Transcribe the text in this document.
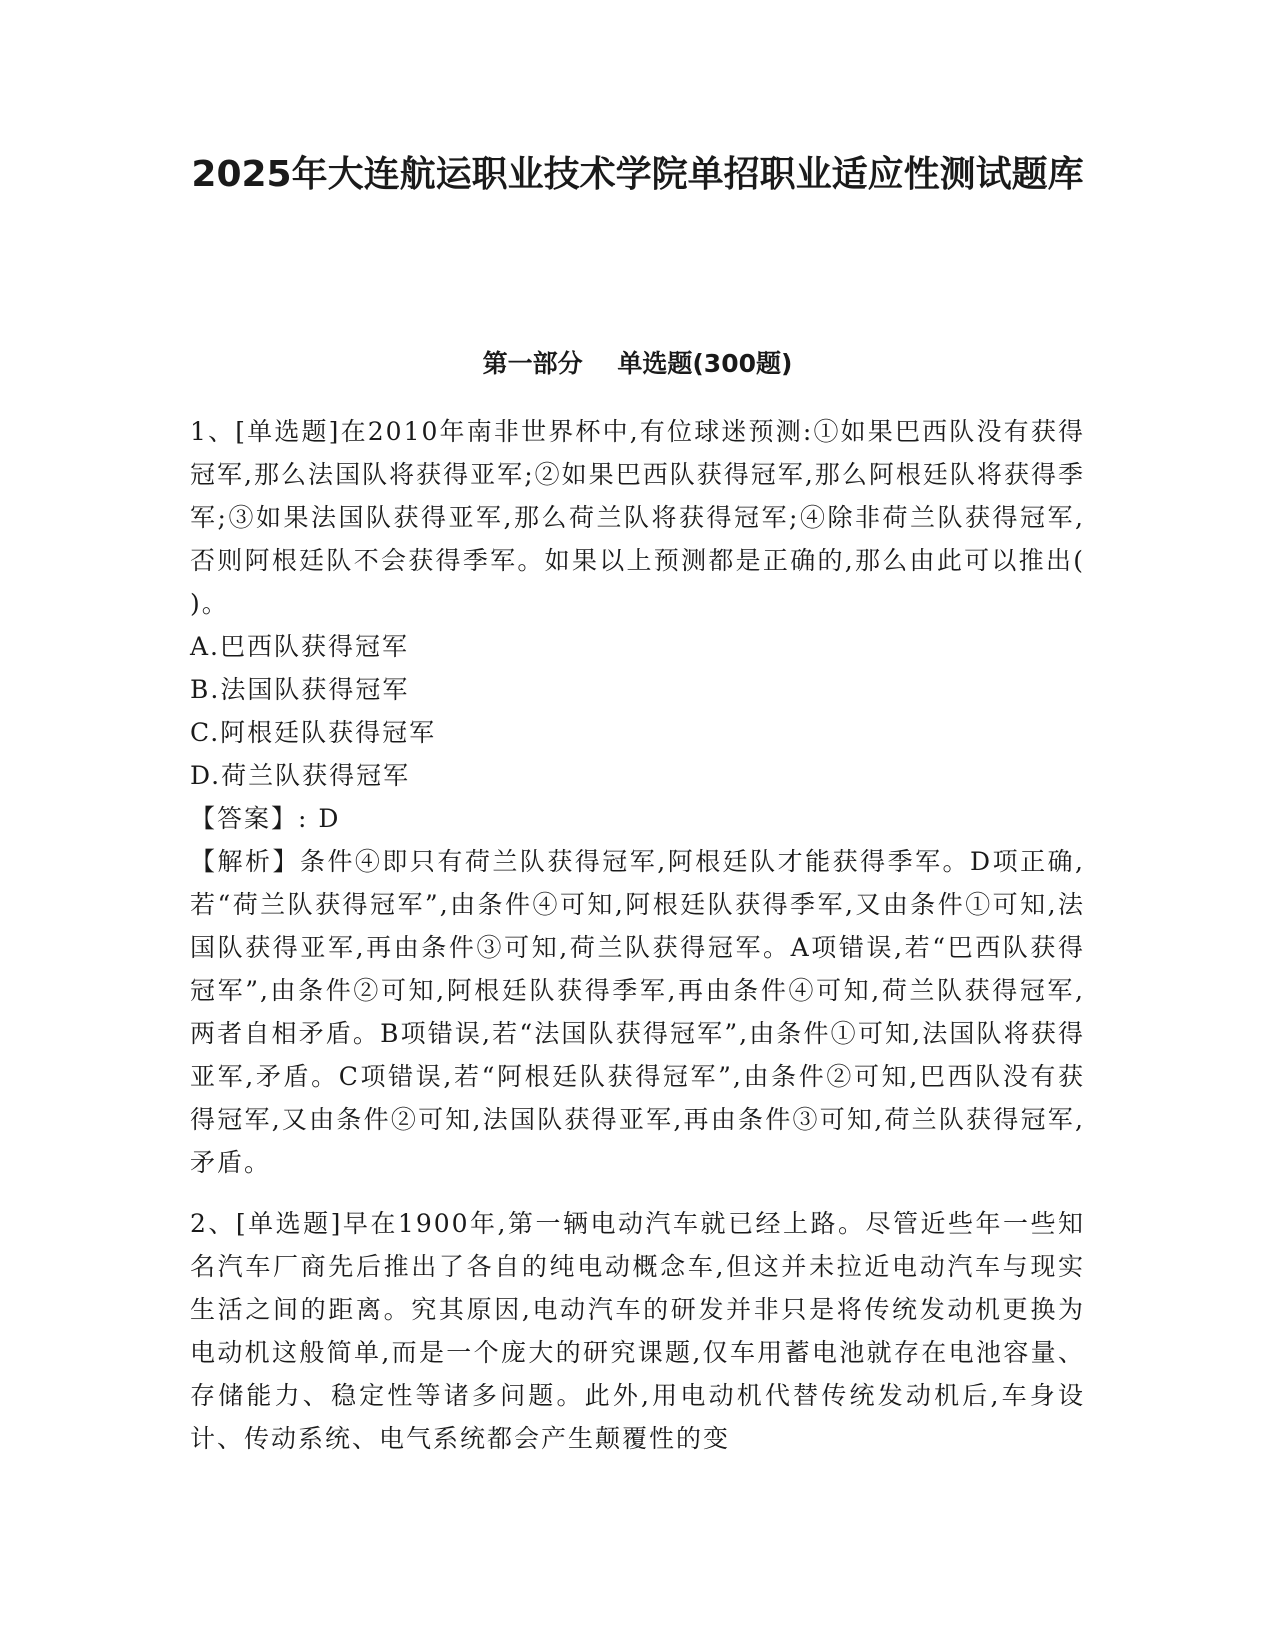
2025年大连航运职业技术学院单招职业适应性测试题库
第一部分    单选题(300题)

1、[单选题]在2010年南非世界杯中,有位球迷预测:①如果巴西队没有获得冠军,那么法国队将获得亚军;②如果巴西队获得冠军,那么阿根廷队将获得季军;③如果法国队获得亚军,那么荷兰队将获得冠军;④除非荷兰队获得冠军,否则阿根廷队不会获得季军。如果以上预测都是正确的,那么由此可以推出( )。

A.巴西队获得冠军

B.法国队获得冠军

C.阿根廷队获得冠军

D.荷兰队获得冠军

【答案】: D

【解析】条件④即只有荷兰队获得冠军,阿根廷队才能获得季军。D项正确,若“荷兰队获得冠军”,由条件④可知,阿根廷队获得季军,又由条件①可知,法国队获得亚军,再由条件③可知,荷兰队获得冠军。A项错误,若“巴西队获得冠军”,由条件②可知,阿根廷队获得季军,再由条件④可知,荷兰队获得冠军,两者自相矛盾。B项错误,若“法国队获得冠军”,由条件①可知,法国队将获得亚军,矛盾。C项错误,若“阿根廷队获得冠军”,由条件②可知,巴西队没有获得冠军,又由条件②可知,法国队获得亚军,再由条件③可知,荷兰队获得冠军,矛盾。

2、[单选题]早在1900年,第一辆电动汽车就已经上路。尽管近些年一些知名汽车厂商先后推出了各自的纯电动概念车,但这并未拉近电动汽车与现实生活之间的距离。究其原因,电动汽车的研发并非只是将传统发动机更换为电动机这般简单,而是一个庞大的研究课题,仅车用蓄电池就存在电池容量、存储能力、稳定性等诸多问题。此外,用电动机代替传统发动机后,车身设计、传动系统、电气系统都会产生颠覆性的变
